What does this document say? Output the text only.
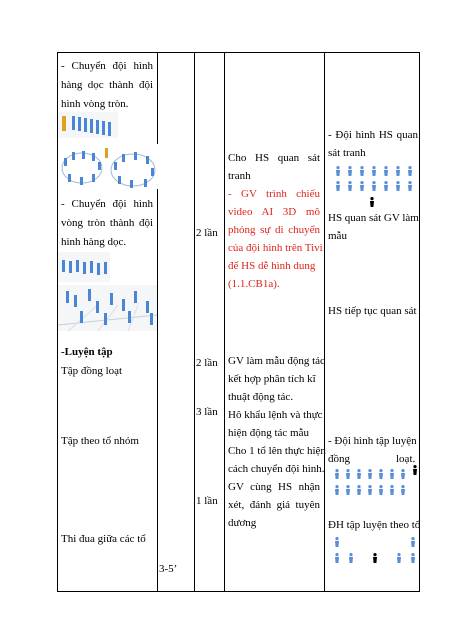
- Chuyển đội hình
hàng dọc thành đội
hình vòng tròn.
- Chuyển đội hình
vòng tròn thành đội
hình hàng dọc.
-Luyện tập
Tập đồng loạt
Tập theo tổ nhóm
Thi đua giữa các tổ
3-5’
2 lần
2 lần
3 lần
1 lần
Cho HS quan sát
tranh
- GV trình chiếu
video AI 3D mô
phỏng sự di chuyển
của đội hình trên Tivi
để HS dễ hình dung
(1.1.CB1a).
GV làm mẫu động tác
kết hợp phân tích kĩ
thuật động tác.
Hô khẩu lệnh và thực
hiện động tác mẫu
Cho 1 tổ lên thực hiện
cách chuyển đội hình.
GV cùng HS nhận
xét, đánh giá tuyên
dương
- Đội hình HS quan
sát tranh
HS quan sát GV làm
mẫu
HS tiếp tục quan sát
- Đội hình tập luyện
đồng	loạt.
ĐH tập luyện theo tổ
